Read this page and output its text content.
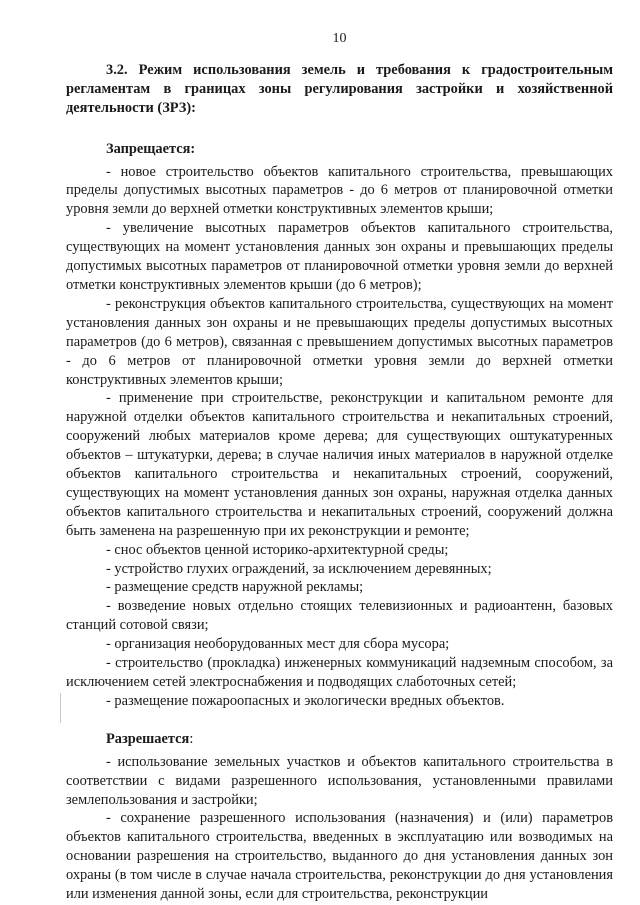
10

3.2. Режим использования земель и требования к градостроительным регламентам в границах зоны регулирования застройки и хозяйственной деятельности (ЗРЗ):

Запрещается:

- новое строительство объектов капитального строительства, превышающих пределы допустимых высотных параметров - до 6 метров от планировочной отметки уровня земли до верхней отметки конструктивных элементов крыши;

- увеличение высотных параметров объектов капитального строительства, существующих на момент установления данных зон охраны и превышающих пределы допустимых высотных параметров от планировочной отметки уровня земли до верхней отметки конструктивных элементов крыши (до 6 метров);

- реконструкция объектов капитального строительства, существующих на момент установления данных зон охраны и не превышающих пределы допустимых высотных параметров (до 6 метров), связанная с превышением допустимых высотных параметров - до 6 метров от планировочной отметки уровня земли до верхней отметки конструктивных элементов крыши;

- применение при строительстве, реконструкции и капитальном ремонте для наружной отделки объектов капитального строительства и некапитальных строений, сооружений любых материалов кроме дерева; для существующих оштукатуренных объектов – штукатурки, дерева; в случае наличия иных материалов в наружной отделке объектов капитального строительства и некапитальных строений, сооружений, существующих на момент установления данных зон охраны, наружная отделка данных объектов капитального строительства и некапитальных строений, сооружений должна быть заменена на разрешенную при их реконструкции и ремонте;

- снос объектов ценной историко-архитектурной среды;

- устройство глухих ограждений, за исключением деревянных;

- размещение средств наружной рекламы;

- возведение новых отдельно стоящих телевизионных и радиоантенн, базовых станций сотовой связи;

- организация необорудованных мест для сбора мусора;

- строительство (прокладка) инженерных коммуникаций надземным способом, за исключением сетей электроснабжения и подводящих слаботочных сетей;

- размещение пожароопасных и экологически вредных объектов.

Разрешается:

- использование земельных участков и объектов капитального строительства в соответствии с видами разрешенного использования, установленными правилами землепользования и застройки;

- сохранение разрешенного использования (назначения) и (или) параметров объектов капитального строительства, введенных в эксплуатацию или возводимых на основании разрешения на строительство, выданного до дня установления данных зон охраны (в том числе в случае начала строительства, реконструкции до дня установления или изменения данной зоны, если для строительства, реконструкции
